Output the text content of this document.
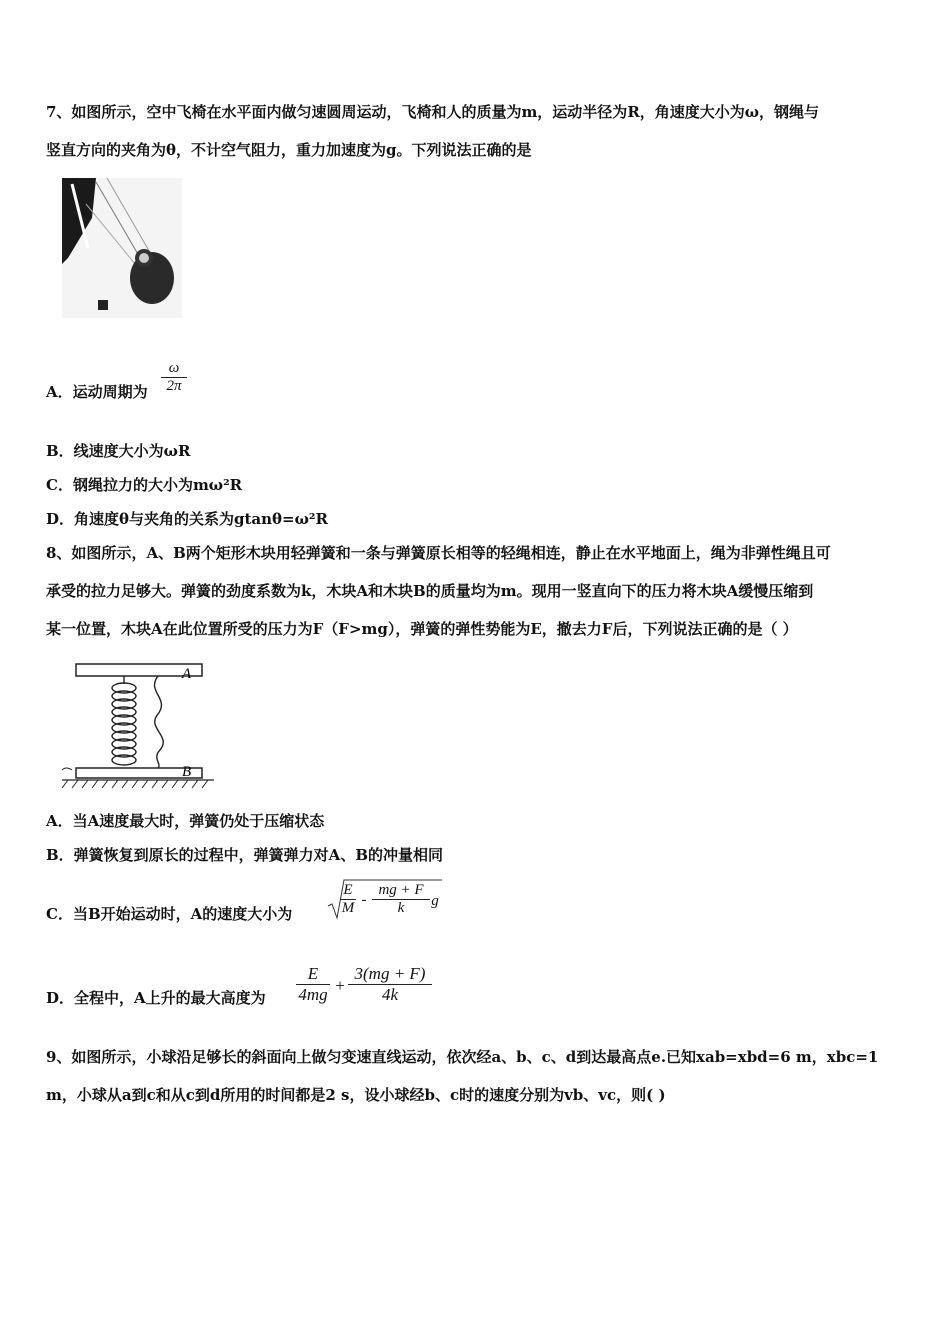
7、如图所示，空中飞椅在水平面内做匀速圆周运动，飞椅和人的质量为m，运动半径为R，角速度大小为ω，钢绳与
竖直方向的夹角为θ，不计空气阻力，重力加速度为g。下列说法正确的是
A．运动周期为
ω
2π
B．线速度大小为ωR
C．钢绳拉力的大小为mω²R
D．角速度θ与夹角的关系为gtanθ=ω²R
8、如图所示，A、B两个矩形木块用轻弹簧和一条与弹簧原长相等的轻绳相连，静止在水平地面上，绳为非弹性绳且可
承受的拉力足够大。弹簧的劲度系数为k，木块A和木块B的质量均为m。现用一竖直向下的压力将木块A缓慢压缩到
某一位置，木块A在此位置所受的压力为F（F>mg），弹簧的弹性势能为E，撤去力F后，下列说法正确的是（ ）
A
B
A．当A速度最大时，弹簧仍处于压缩状态
B．弹簧恢复到原长的过程中，弹簧弹力对A、B的冲量相同
C．当B开始运动时，A的速度大小为
E
M -
mg + F
k	g
D．全程中，A上升的最大高度为
E
4mg +
3(mg + F)
4k
9、如图所示，小球沿足够长的斜面向上做匀变速直线运动，依次经a、b、c、d到达最高点e.已知xab=xbd=6 m，xbc=1
m，小球从a到c和从c到d所用的时间都是2 s，设小球经b、c时的速度分别为vb、vc，则( )
